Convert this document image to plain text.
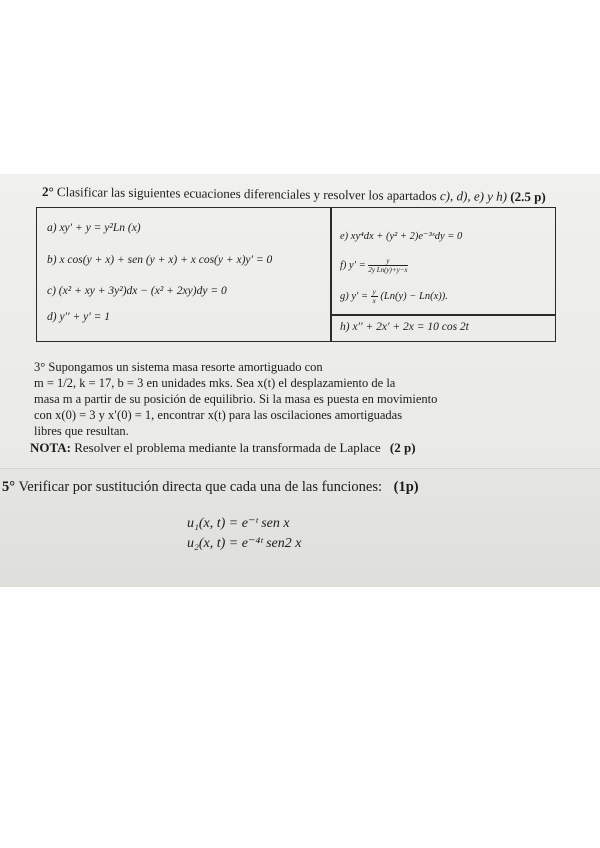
2° Clasificar las siguientes ecuaciones diferenciales y resolver los apartados c), d), e) y h) (2.5 p)
a) xy′ + y = y²Ln (x)
b) x cos(y + x) + sen (y + x) + x cos(y + x)y′ = 0
c) (x² + xy + 3y²)dx − (x² + 2xy)dy = 0
d) y′′ + y′ = 1
e) xy⁴dx + (y² + 2)e⁻³ˣdy = 0
f) $y' = \frac{y}{\text{2y Ln(y)+y−x}}$
g) $y' = \frac{y}{x} (Ln(y) - Ln(x))$.
h) x′′ + 2x′ + 2x = 10 cos 2t
3° Supongamos un sistema masa resorte amortiguado con
m = 1/2, k = 17, b = 3 en unidades mks. Sea x(t) el desplazamiento de la
masa m a partir de su posición de equilibrio. Si la masa es puesta en movimiento
con x(0) = 3 y x′(0) = 1, encontrar x(t) para las oscilaciones amortiguadas
libres que resultan.
NOTA: Resolver el problema mediante la transformada de Laplace (2 p)
5° Verificar por sustitución directa que cada una de las funciones: (1p)
u₁(x, t) = e⁻ᵗ sen x
u₂(x, t) = e⁻⁴ᵗ sen2 x
